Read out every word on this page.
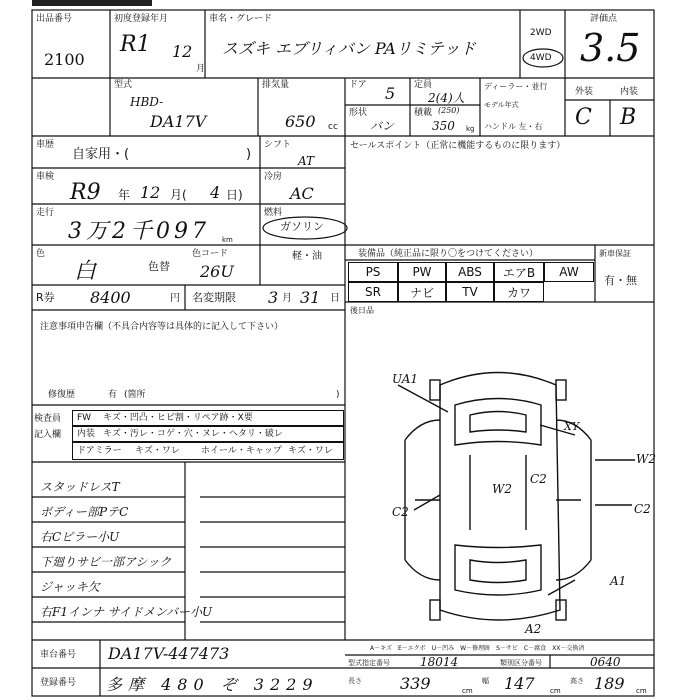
出品番号
2100
初度登録年月
R1 12
月
車名・グレード
スズキ エブリィバン PAリミテッド
2WD
4WD
評価点
3.5
外装	内装
C B
型式
HBD-
DA17V
排気量
650 cc
ドア 5
形状
バン
定員
2(4)人
積載 (250)
350 kg
ディーラー・並行
モデル年式
ハンドル 左・右
車歴
自家用・(	)
シフト
AT
車検
R9 年 12 月( 4 日)
冷房
AC
走行
3万2千097 km
燃料
ガソリン
色
白	色替
色コード
26U
軽・油
R券 8400	円 名変期限 3 月 31 日
セールスポイント（正常に機能するものに限ります）
装備品（純正品に限り〇をつけてください）	新車保証
有・無
PS	PW	ABS	エアB	AW
SR	ナビ	TV	カワ
後日品
注意事項申告欄（不具合内容等は具体的に記入して下さい）
修復歴	有 (箇所	)
検査員
記入欄
FW キズ・凹凸・ヒビ割・リペア跡・X要
内装 キズ・汚レ・コゲ・穴・ヌレ・ヘタリ・破レ
ドアミラー キズ・ワレ ホイール・キャップ キズ・ワレ
スタッドレスT
ボディー部PテC
右Cピラー小U
下廻りサビ一部アシック
ジャッキ欠
右F1インナ サイドメンバー小U
UA1
XY
W2
W2
C2
C2	C2
A1
A2
A－キズ　E－エクボ　U－凹み　W－修理跡　S－サビ　C－腐食　XX－交換済
車台番号 DA17V-447473
登録番号 多摩 480 ぞ 3229
型式指定番号	18014	類別区分番号	0640
長さ 339	cm
幅 147 cm
高さ 189 cm
